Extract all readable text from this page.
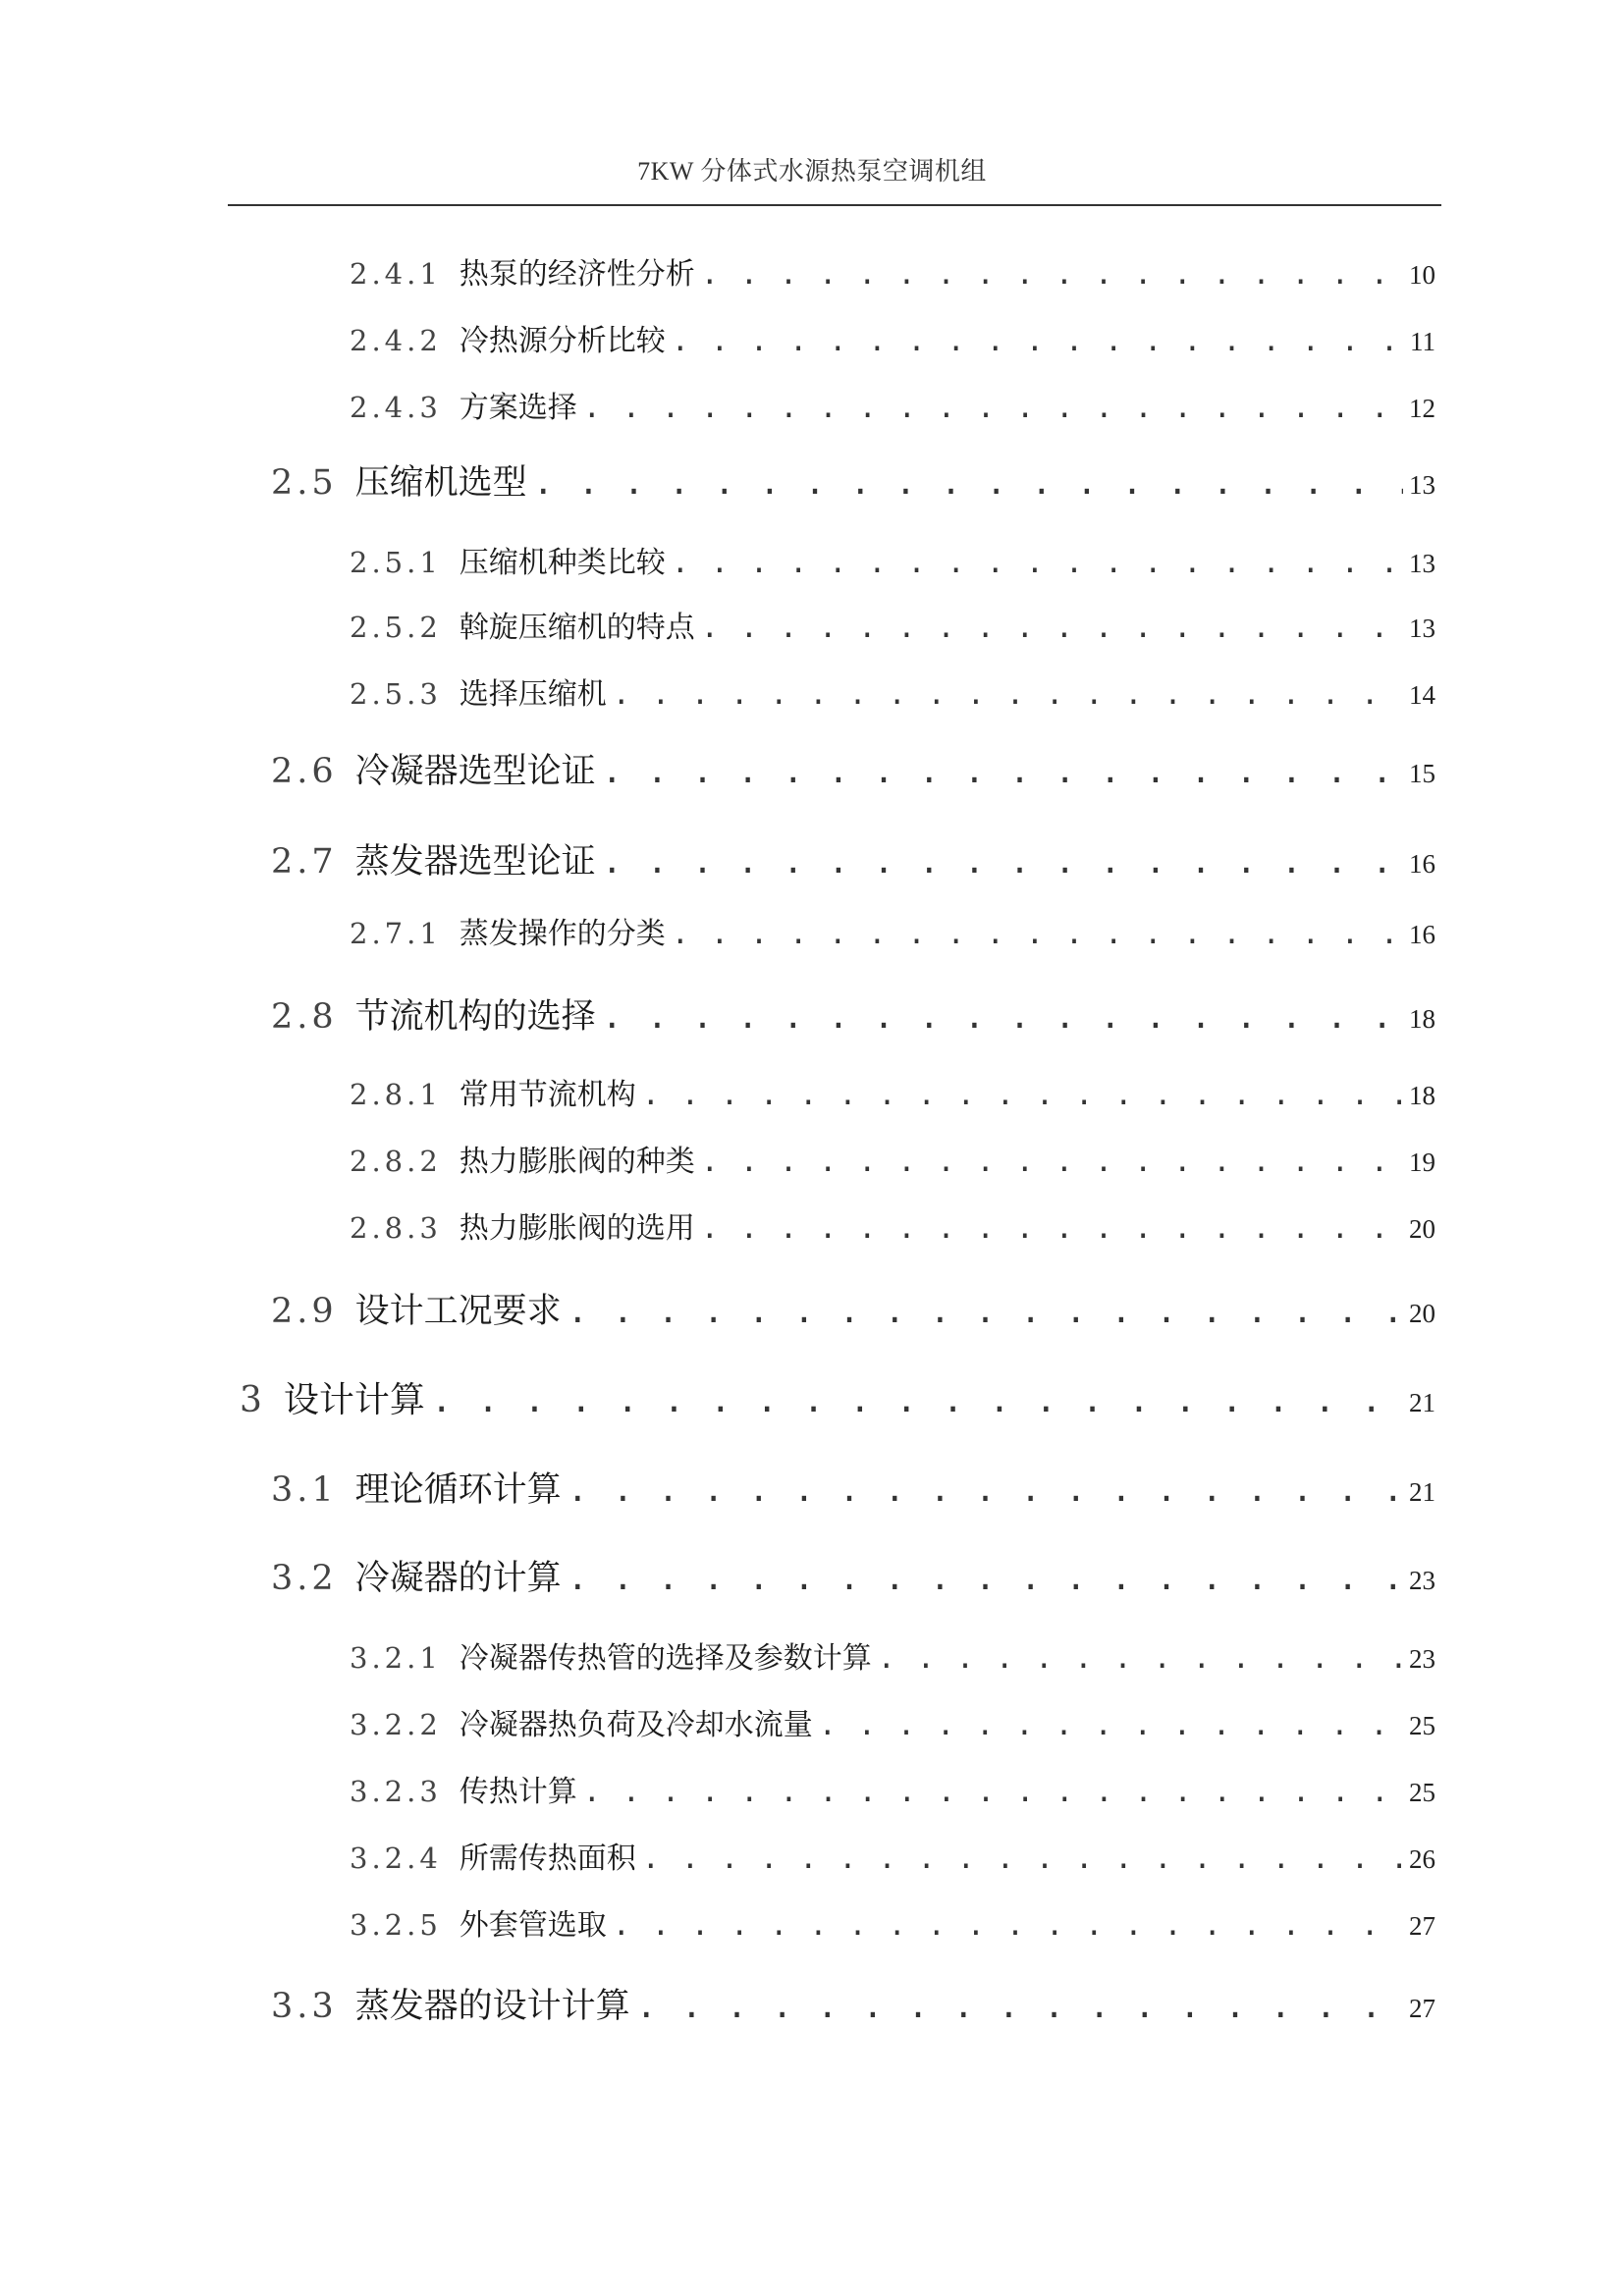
7KW 分体式水源热泵空调机组
2.4.1 热泵的经济性分析 . . .	10
2.4.2 冷热源分析比较 . . .	11
2.4.3 方案选择 . . .	12
2.5 压缩机选型 . . .	13
2.5.1 压缩机种类比较 . . .	13
2.5.2 斡旋压缩机的特点 . . .	13
2.5.3 选择压缩机 . . .	14
2.6 冷凝器选型论证 . . .	15
2.7 蒸发器选型论证 . . .	16
2.7.1 蒸发操作的分类 . . .	16
2.8 节流机构的选择 . . .	18
2.8.1 常用节流机构 . . .	18
2.8.2 热力膨胀阀的种类 . . .	19
2.8.3 热力膨胀阀的选用 . . .	20
2.9 设计工况要求 . . .	20
3 设计计算 . . .	21
3.1 理论循环计算 . . .	21
3.2 冷凝器的计算 . . .	23
3.2.1 冷凝器传热管的选择及参数计算 . . .	23
3.2.2 冷凝器热负荷及冷却水流量 . . .	25
3.2.3 传热计算 . . .	25
3.2.4 所需传热面积 . . .	26
3.2.5 外套管选取 . . .	27
3.3 蒸发器的设计计算 . . .	27
